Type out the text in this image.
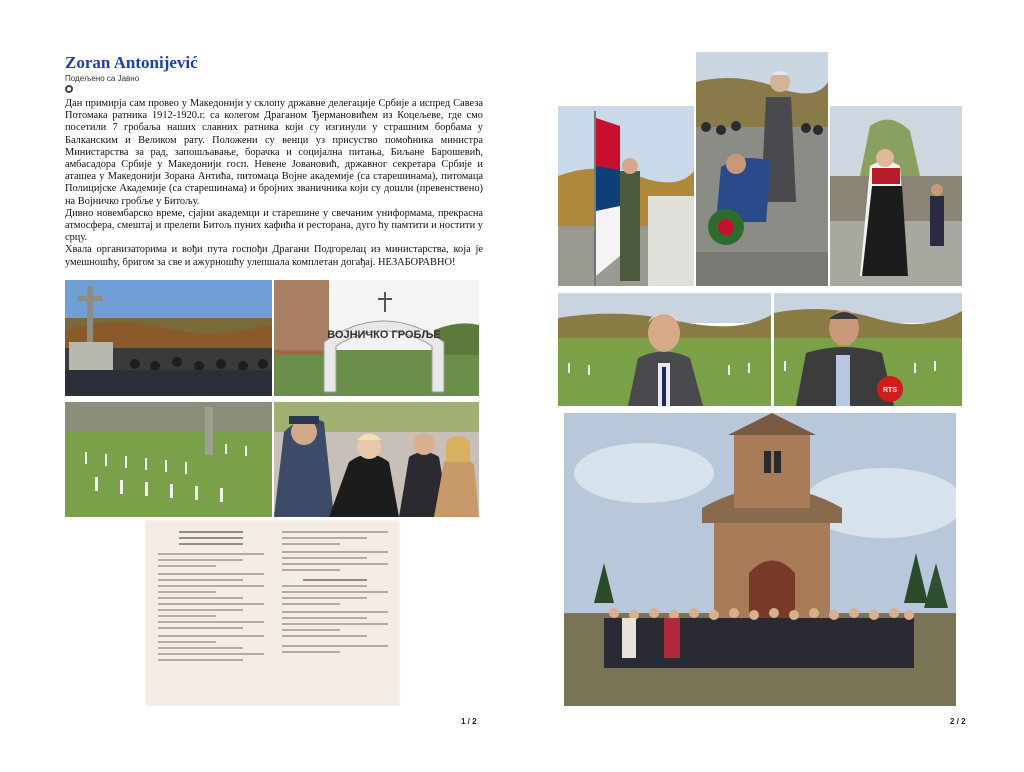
Zoran Antonijević
Подељено са Јавно

Дан примирја сам провео у Македонији у склопу државне делегације Србије а испред Савеза Потомака ратника 1912-1920.г. са колегом Драганом Ђермановићем из Коцељеве, где смо посетили 7 гробаља наших славних ратника који су изгинули у страшним борбама у Балканским и Великом рату. Положени су венци уз присуство помоћника министра Министарства за рад, запошљавање, борачка и социјална питања, Биљане Барошевић, амбасадора Србије у Македонији госп. Невене Јовановић, државног секретара Србије и аташеа у Македонији Зорана Антића, питомаца Војне академије (са старешинама), питомаца Полицијске Академије (са старешинама) и бројних званичника који су дошли (превенствено) на Војничко гробље у Битољу.

Дивно новембарско време, сјајни академци и старешине у свечаним униформама, прекрасна атмосфера, смештај и прелепи Битољ пуних кафића и ресторана, дуго ћу памтити и ностити у срцу.

Хвала организаторима и вођи пута госпођи Драгани Подгорелац из министарства, која је умешношћу, бригом за све и ажурношћу улепшала комплетан догађај. НЕЗАБОРАВНО!

ВОЈНИЧКО ГРОБЉЕ
1 / 2
RTS
2 / 2
